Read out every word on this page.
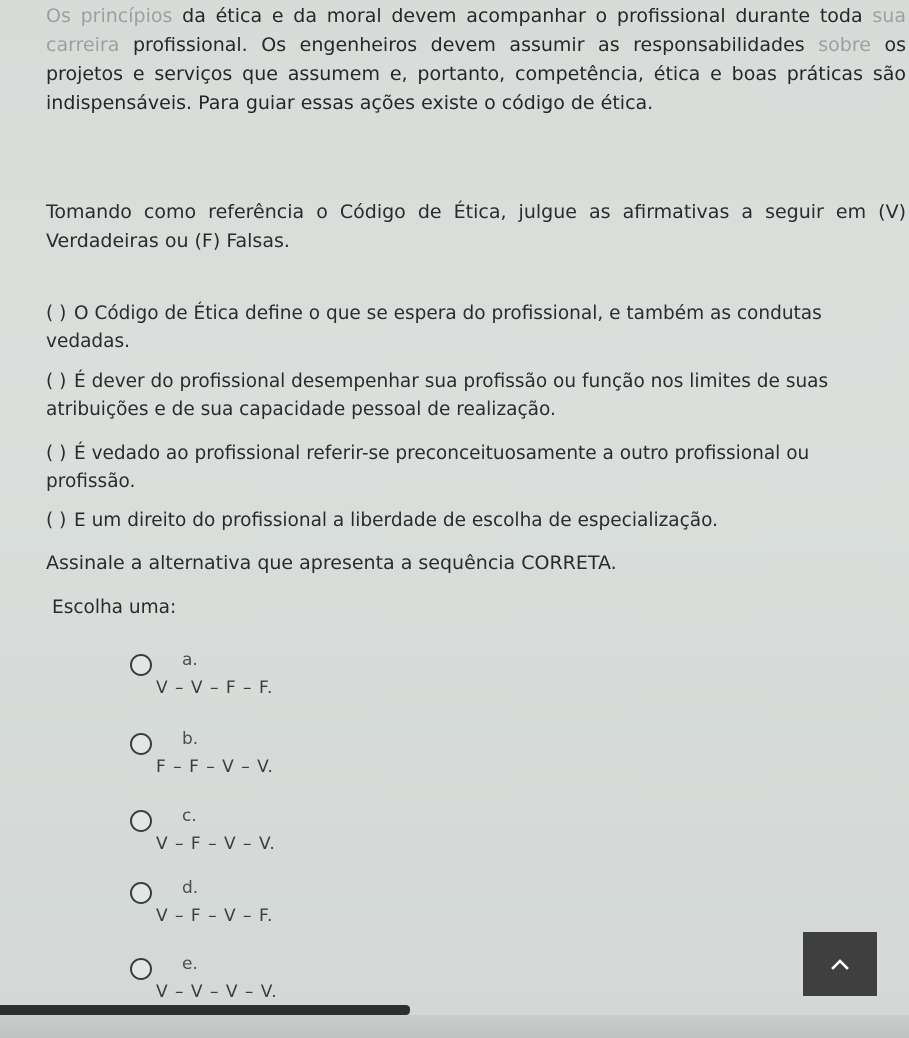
Os princípios da ética e da moral devem acompanhar o profissional durante toda sua carreira profissional. Os engenheiros devem assumir as responsabilidades sobre os projetos e serviços que assumem e, portanto, competência, ética e boas práticas são indispensáveis. Para guiar essas ações existe o código de ética.

Tomando como referência o Código de Ética, julgue as afirmativas a seguir em (V) Verdadeiras ou (F) Falsas.

( ) O Código de Ética define o que se espera do profissional, e também as condutas vedadas.

( ) É dever do profissional desempenhar sua profissão ou função nos limites de suas atribuições e de sua capacidade pessoal de realização.

( ) É vedado ao profissional referir-se preconceituosamente a outro profissional ou profissão.

( ) E um direito do profissional a liberdade de escolha de especialização.

Assinale a alternativa que apresenta a sequência CORRETA.

Escolha uma:

a.
V – V – F – F.
b.
F – F – V – V.
c.
V – F – V – V.
d.
V – F – V – F.
e.
V – V – V – V.
